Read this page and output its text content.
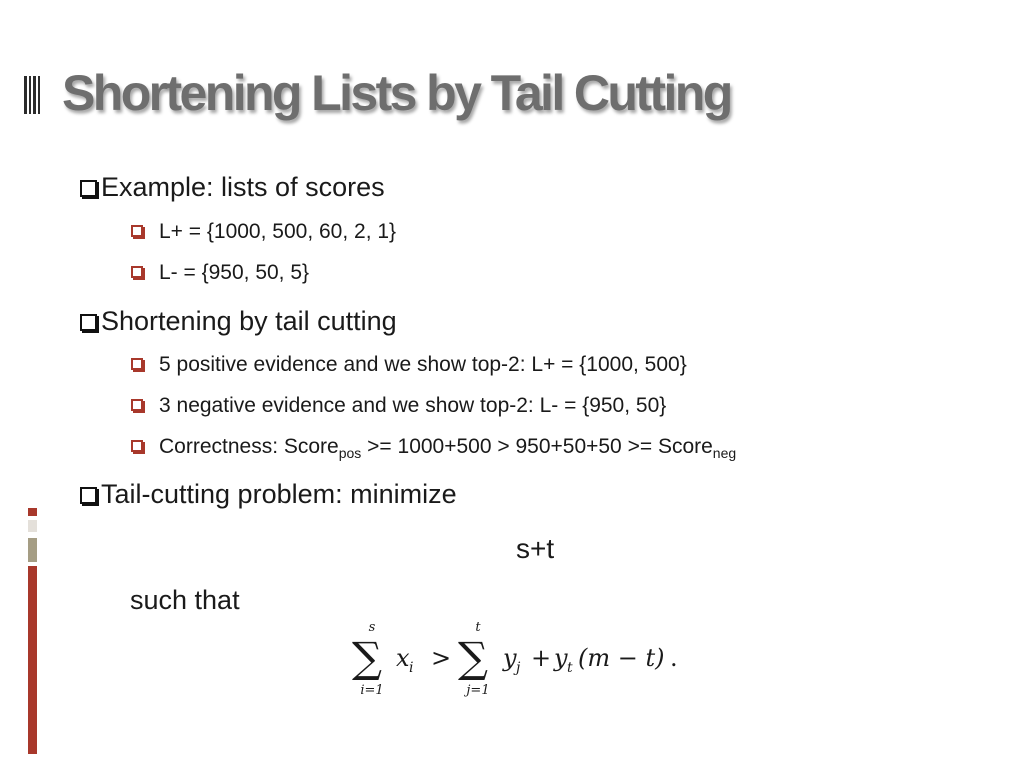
Shortening Lists by Tail Cutting
Example: lists of scores
L+ = {1000, 500, 60, 2, 1}
L- = {950, 50, 5}
Shortening by tail cutting
5 positive evidence and we show top-2: L+ = {1000, 500}
3 negative evidence and we show top-2: L- = {950, 50}
Correctness: Score$_{pos}$ >= 1000+500 > 950+50+50 >= Score$_{neg}$
Tail-cutting problem: minimize
s+t
such that
s
∑
i=1
x i >
t
∑
j=1
y j + y t (m − t) .
